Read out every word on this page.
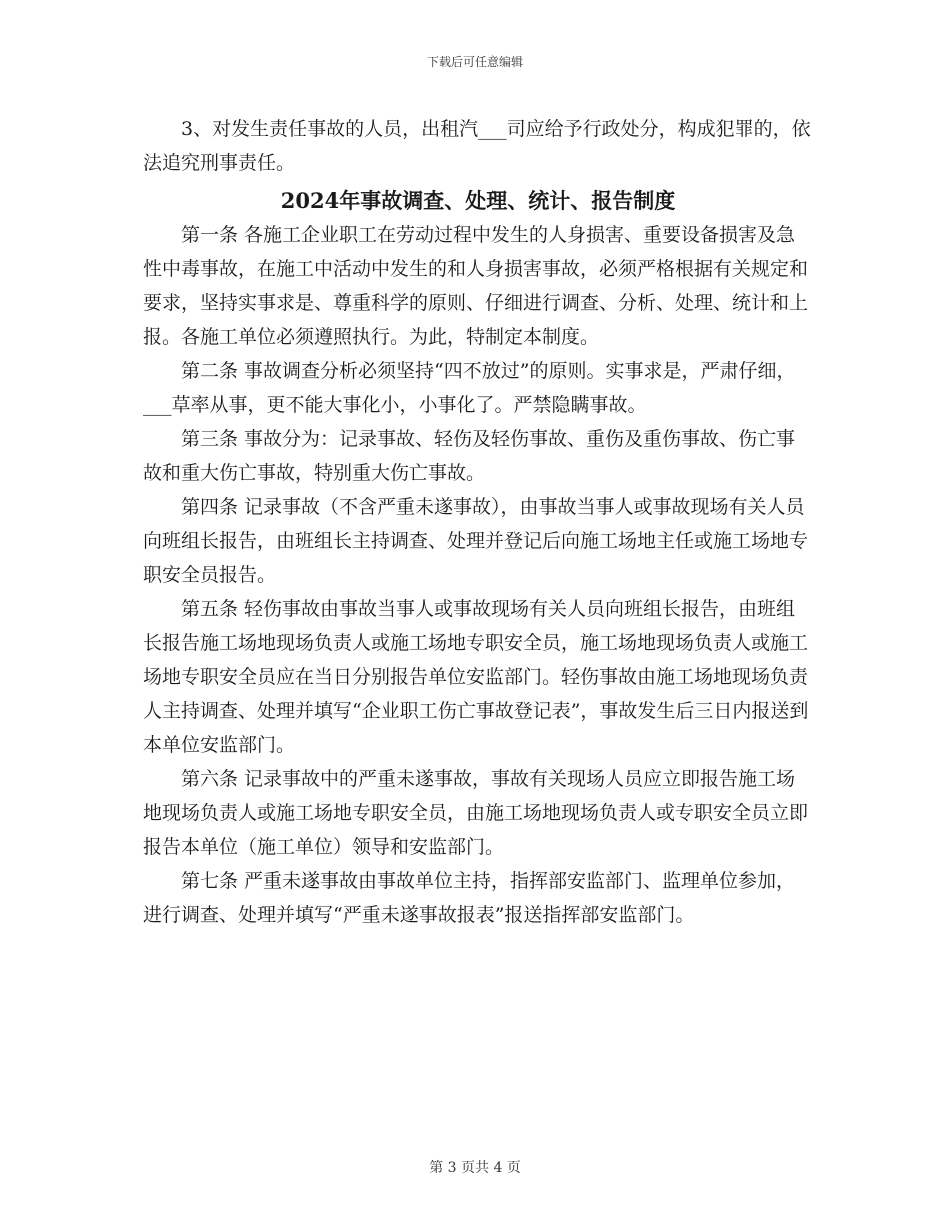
下载后可任意编辑

3、对发生责任事故的人员，出租汽___司应给予行政处分，构成犯罪的，依法追究刑事责任。

2024年事故调查、处理、统计、报告制度

第一条 各施工企业职工在劳动过程中发生的人身损害、重要设备损害及急性中毒事故，在施工中活动中发生的和人身损害事故，必须严格根据有关规定和要求，坚持实事求是、尊重科学的原则、仔细进行调查、分析、处理、统计和上报。各施工单位必须遵照执行。为此，特制定本制度。

第二条 事故调查分析必须坚持“四不放过”的原则。实事求是，严肃仔细，___草率从事，更不能大事化小，小事化了。严禁隐瞒事故。

第三条 事故分为：记录事故、轻伤及轻伤事故、重伤及重伤事故、伤亡事故和重大伤亡事故，特别重大伤亡事故。

第四条 记录事故（不含严重未遂事故），由事故当事人或事故现场有关人员向班组长报告，由班组长主持调查、处理并登记后向施工场地主任或施工场地专职安全员报告。

第五条 轻伤事故由事故当事人或事故现场有关人员向班组长报告，由班组长报告施工场地现场负责人或施工场地专职安全员，施工场地现场负责人或施工场地专职安全员应在当日分别报告单位安监部门。轻伤事故由施工场地现场负责人主持调查、处理并填写“企业职工伤亡事故登记表”，事故发生后三日内报送到本单位安监部门。

第六条 记录事故中的严重未遂事故，事故有关现场人员应立即报告施工场地现场负责人或施工场地专职安全员，由施工场地现场负责人或专职安全员立即报告本单位（施工单位）领导和安监部门。

第七条 严重未遂事故由事故单位主持，指挥部安监部门、监理单位参加，进行调查、处理并填写“严重未遂事故报表”报送指挥部安监部门。

第 3 页共 4 页
